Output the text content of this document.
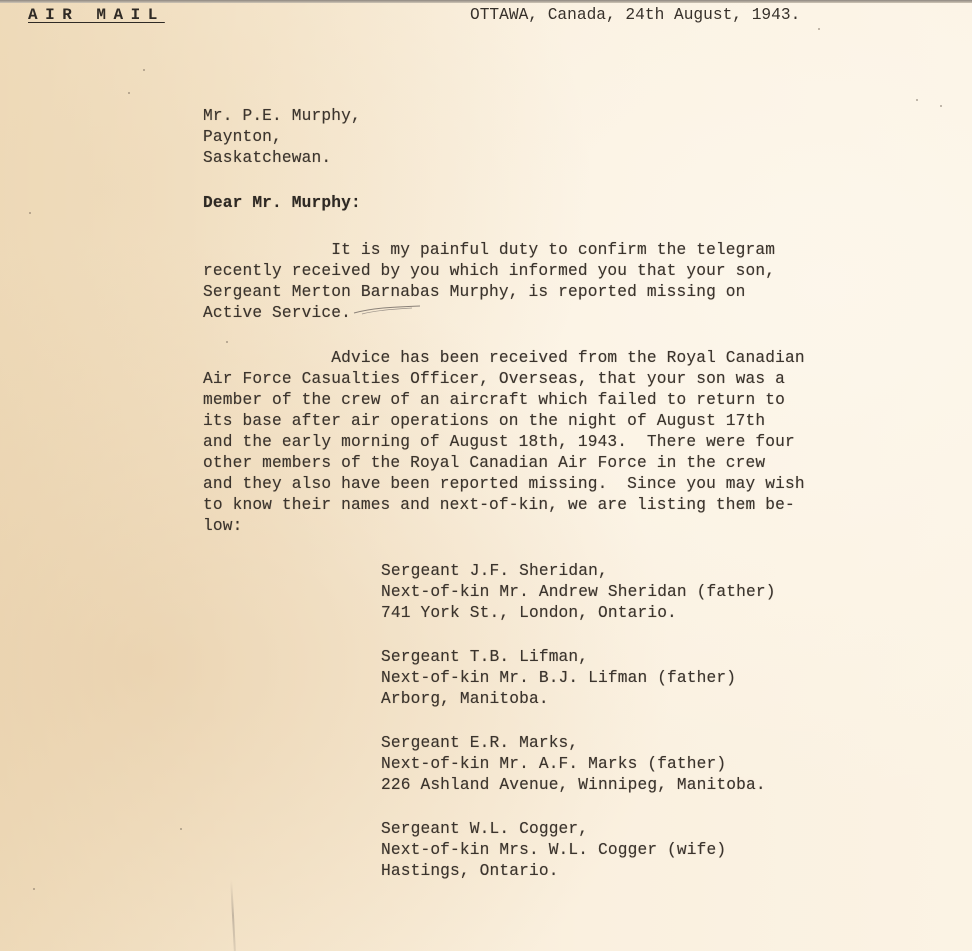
AIR MAIL	OTTAWA, Canada, 24th August, 1943.
Mr. P.E. Murphy,
Paynton,
Saskatchewan.
Dear Mr. Murphy:
It is my painful duty to confirm the telegram
recently received by you which informed you that your son,
Sergeant Merton Barnabas Murphy, is reported missing on
Active Service.
Advice has been received from the Royal Canadian
Air Force Casualties Officer, Overseas, that your son was a
member of the crew of an aircraft which failed to return to
its base after air operations on the night of August 17th
and the early morning of August 18th, 1943.  There were four
other members of the Royal Canadian Air Force in the crew
and they also have been reported missing.  Since you may wish
to know their names and next-of-kin, we are listing them be-
low:
Sergeant J.F. Sheridan,
Next-of-kin Mr. Andrew Sheridan (father)
741 York St., London, Ontario.
Sergeant T.B. Lifman,
Next-of-kin Mr. B.J. Lifman (father)
Arborg, Manitoba.
Sergeant E.R. Marks,
Next-of-kin Mr. A.F. Marks (father)
226 Ashland Avenue, Winnipeg, Manitoba.
Sergeant W.L. Cogger,
Next-of-kin Mrs. W.L. Cogger (wife)
Hastings, Ontario.
